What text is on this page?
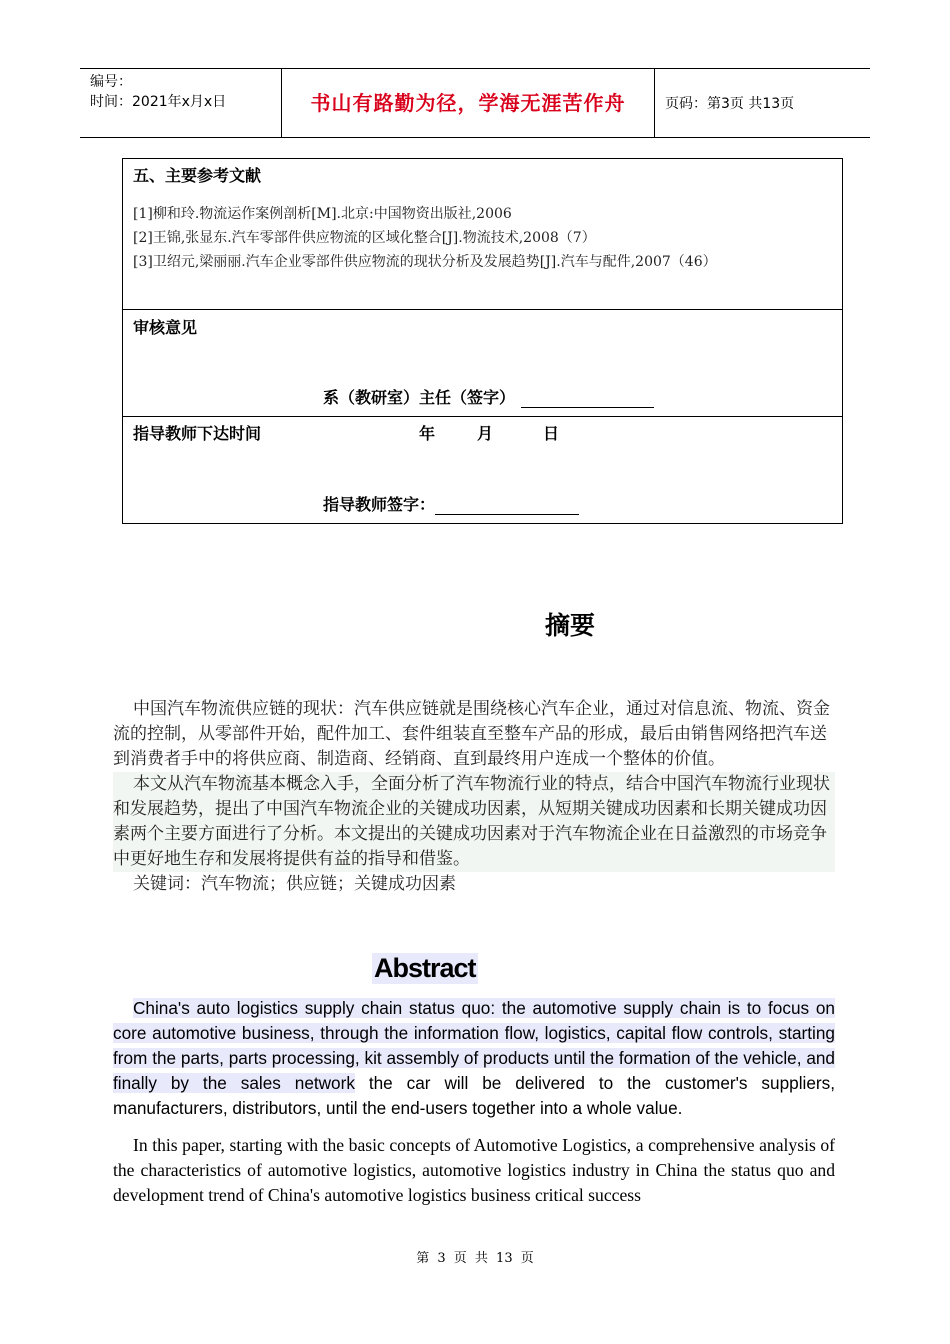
编号：
时间：2021年x月x日	书山有路勤为径，学海无涯苦作舟	页码：第3页 共13页
五、主要参考文献

[1]柳和玲.物流运作案例剖析[M].北京:中国物资出版社,2006

[2]王锦,张显东.汽车零部件供应物流的区域化整合[J].物流技术,2008（7）

[3]卫绍元,梁丽丽.汽车企业零部件供应物流的现状分析及发展趋势[J].汽车与配件,2007（46）

审核意见
系（教研室）主任（签字）
指导教师下达时间	年	月	日
指导教师签字：
摘要

中国汽车物流供应链的现状：汽车供应链就是围绕核心汽车企业，通过对信息流、物流、资金流的控制，从零部件开始，配件加工、套件组装直至整车产品的形成，最后由销售网络把汽车送到消费者手中的将供应商、制造商、经销商、直到最终用户连成一个整体的价值。

本文从汽车物流基本概念入手，全面分析了汽车物流行业的特点，结合中国汽车物流行业现状和发展趋势，提出了中国汽车物流企业的关键成功因素，从短期关键成功因素和长期关键成功因素两个主要方面进行了分析。本文提出的关键成功因素对于汽车物流企业在日益激烈的市场竞争中更好地生存和发展将提供有益的指导和借鉴。

关键词：汽车物流；供应链；关键成功因素

Abstract

China's auto logistics supply chain status quo: the automotive supply chain is to focus on core automotive business, through the information flow, logistics, capital flow controls, starting from the parts, parts processing, kit assembly of products until the formation of the vehicle, and finally by the sales network the car will be delivered to the customer's suppliers, manufacturers, distributors, until the end-users together into a whole value.

In this paper, starting with the basic concepts of Automotive Logistics, a comprehensive analysis of the characteristics of automotive logistics, automotive logistics industry in China the status quo and development trend of China's automotive logistics business critical success

第 3 页 共 13 页
